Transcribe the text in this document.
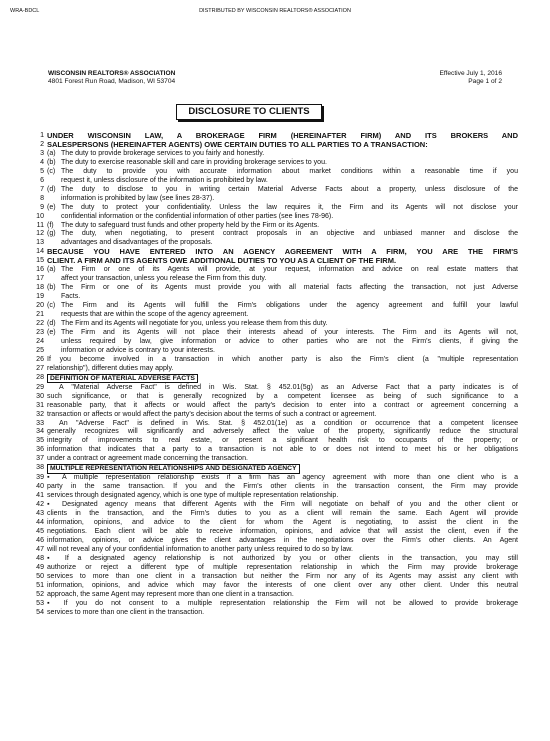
WRA-BDCL	DISTRIBUTED BY WISCONSIN REALTORS® ASSOCIATION
WISCONSIN REALTORS® ASSOCIATION
4801 Forest Run Road, Madison, WI 53704
Effective July 1, 2016
Page 1 of 2
DISCLOSURE TO CLIENTS
1 UNDER WISCONSIN LAW, A BROKERAGE FIRM (HEREINAFTER FIRM) AND ITS BROKERS AND
2 SALESPERSONS (HEREINAFTER AGENTS) OWE CERTAIN DUTIES TO ALL PARTIES TO A TRANSACTION:
3 (a) The duty to provide brokerage services to you fairly and honestly.
4 (b) The duty to exercise reasonable skill and care in providing brokerage services to you.
5 (c) The duty to provide you with accurate information about market conditions within a reasonable time if you
6	request it, unless disclosure of the information is prohibited by law.
7 (d) The duty to disclose to you in writing certain Material Adverse Facts about a property, unless disclosure of the
8	information is prohibited by law (see lines 28-37).
9 (e) The duty to protect your confidentiality. Unless the law requires it, the Firm and its Agents will not disclose your
10	confidential information or the confidential information of other parties (see lines 78-96).
11 (f)	The duty to safeguard trust funds and other property held by the Firm or its Agents.
12 (g) The duty, when negotiating, to present contract proposals in an objective and unbiased manner and disclose the
13	advantages and disadvantages of the proposals.
14 BECAUSE YOU HAVE ENTERED INTO AN AGENCY AGREEMENT WITH A FIRM, YOU ARE THE FIRM'S
15 CLIENT. A FIRM AND ITS AGENTS OWE ADDITIONAL DUTIES TO YOU AS A CLIENT OF THE FIRM.
16 (a) The Firm or one of its Agents will provide, at your request, information and advice on real estate matters that
17	affect your transaction, unless you release the Firm from this duty.
18 (b) The Firm or one of its Agents must provide you with all material facts affecting the transaction, not just Adverse
19	Facts.
20 (c) The Firm and its Agents will fulfill the Firm's obligations under the agency agreement and fulfill your lawful
21	requests that are within the scope of the agency agreement.
22 (d) The Firm and its Agents will negotiate for you, unless you release them from this duty.
23 (e) The Firm and its Agents will not place their interests ahead of your interests. The Firm and its Agents will not,
24	unless required by law, give information or advice to other parties who are not the Firm's clients, if giving the
25	information or advice is contrary to your interests.
26 If you become involved in a transaction in which another party is also the Firm's client (a "multiple representation
27 relationship"), different duties may apply.
28 DEFINITION OF MATERIAL ADVERSE FACTS
29	A "Material Adverse Fact" is defined in Wis. Stat. § 452.01(5g) as an Adverse Fact that a party indicates is of
30 such significance, or that is generally recognized by a competent licensee as being of such significance to a
31 reasonable party, that it affects or would affect the party's decision to enter into a contract or agreement concerning a
32 transaction or affects or would affect the party's decision about the terms of such a contract or agreement.
33	An "Adverse Fact" is defined in Wis. Stat. § 452.01(1e) as a condition or occurrence that a competent licensee
34 generally recognizes will significantly and adversely affect the value of the property, significantly reduce the structural
35 integrity of improvements to real estate, or present a significant health risk to occupants of the property; or
36 information that indicates that a party to a transaction is not able to or does not intend to meet his or her obligations
37 under a contract or agreement made concerning the transaction.
38 MULTIPLE REPRESENTATION RELATIONSHIPS AND DESIGNATED AGENCY
39 ▪ A multiple representation relationship exists if a firm has an agency agreement with more than one client who is a
40 party in the same transaction. If you and the Firm's other clients in the transaction consent, the Firm may provide
41 services through designated agency, which is one type of multiple representation relationship.
42 ▪ Designated agency means that different Agents with the Firm will negotiate on behalf of you and the other client or
43 clients in the transaction, and the Firm's duties to you as a client will remain the same. Each Agent will provide
44 information, opinions, and advice to the client for whom the Agent is negotiating, to assist the client in the
45 negotiations. Each client will be able to receive information, opinions, and advice that will assist the client, even if the
46 information, opinions, or advice gives the client advantages in the negotiations over the Firm's other clients. An Agent
47 will not reveal any of your confidential information to another party unless required to do so by law.
48 ▪ If a designated agency relationship is not authorized by you or other clients in the transaction, you may still
49 authorize or reject a different type of multiple representation relationship in which the Firm may provide brokerage
50 services to more than one client in a transaction but neither the Firm nor any of its Agents may assist any client with
51 information, opinions, and advice which may favor the interests of one client over any other client. Under this neutral
52 approach, the same Agent may represent more than one client in a transaction.
53 ▪ If you do not consent to a multiple representation relationship the Firm will not be allowed to provide brokerage
54 services to more than one client in the transaction.
